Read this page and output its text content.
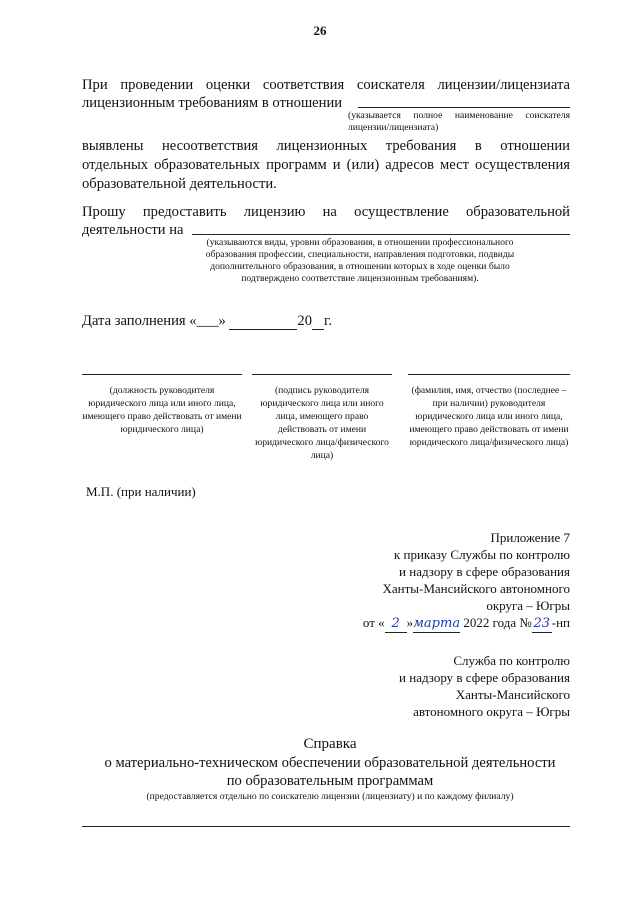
26
При проведении оценки соответствия соискателя лицензии/лицензиата
лицензионным требованиям в отношении
(указывается полное наименование соискателя
лицензии/лицензиата)
выявлены несоответствия лицензионных требования в отношении
отдельных образовательных программ и (или) адресов мест осуществления
образовательной деятельности.
Прошу предоставить лицензию на осуществление образовательной
деятельности на
(указываются виды, уровни образования, в отношении профессионального
образования профессии, специальности, направления подготовки, подвиды
дополнительного образования, в отношении которых в ходе оценки было
подтверждено соответствие лицензионным требованиям).
Дата заполнения «___»	20 г.
(должность руководителя юридического лица или иного лица, имеющего право действовать от имени юридического лица)
(подпись руководителя юридического лица или иного лица, имеющего право действовать от имени юридического лица/физического лица)
(фамилия, имя, отчество (последнее – при наличии) руководителя юридического лица или иного лица, имеющего право действовать от имени юридического лица/физического лица)
М.П. (при наличии)
Приложение 7
к приказу Службы по контролю
и надзору в сфере образования
Ханты-Мансийского автономного
округа – Югры
от « 2 »марта 2022 года № 23 -нп
Служба по контролю
и надзору в сфере образования
Ханты-Мансийского
автономного округа – Югры
Справка
о материально-техническом обеспечении образовательной деятельности
по образовательным программам
(предоставляется отдельно по соискателю лицензии (лицензиату) и по каждому филиалу)
